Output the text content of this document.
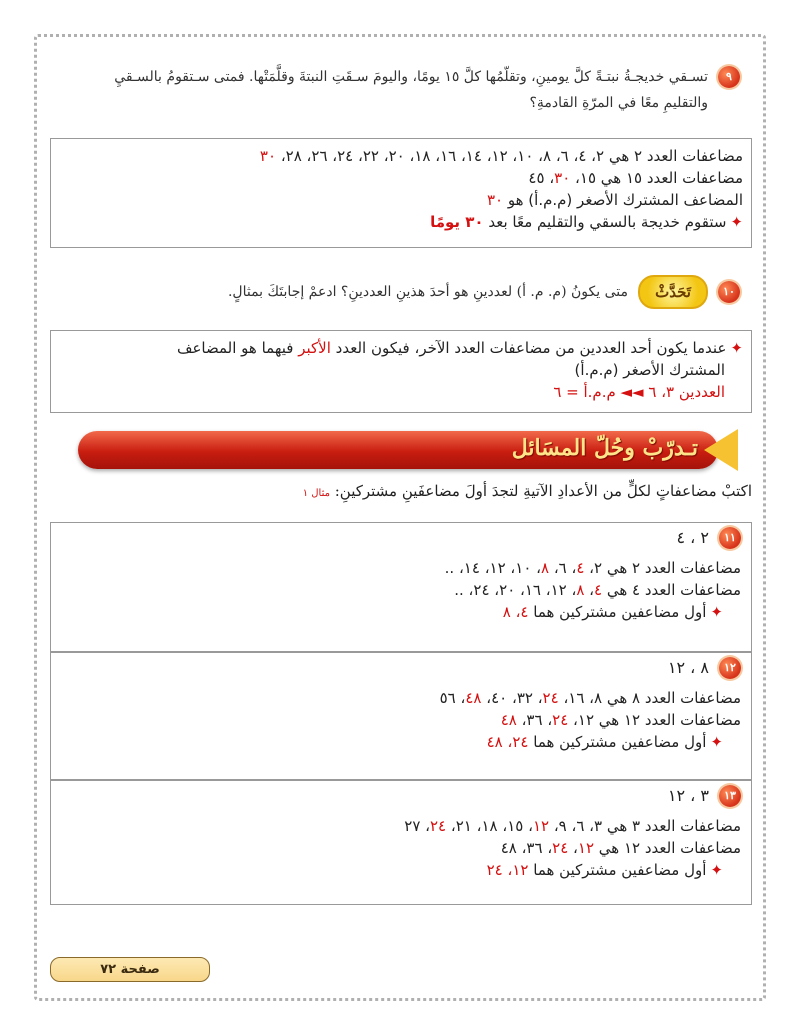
٩
تسـقي خديجـةُ نبتـةً كلَّ يومينِ، وتقلّمُها كلَّ ١٥ يومًا، واليومَ سـقَتِ النبتةَ وقلَّمَتْها. فمتى سـتقومُ بالسـقيِ
والتقليمِ معًا في المرّةِ القادمةِ؟
مضاعفات العدد ٢ هي ٢، ٤، ٦، ٨، ١٠، ١٢، ١٤، ١٦، ١٨، ٢٠، ٢٢، ٢٤، ٢٦، ٢٨، ٣٠
مضاعفات العدد ١٥ هي ١٥، ٣٠، ٤٥
المضاعف المشترك الأصغر (م.م.أ) هو ٣٠
✦ستقوم خديجة بالسقي والتقليم معًا بعد ٣٠ يومًا
١٠
تَحَدَّثْ
متى يكونُ (م. م. أ) لعددينِ هو أحدَ هذينِ العددينِ؟ ادعمْ إجابتَكَ بمثالٍ.
✦عندما يكون أحد العددين من مضاعفات العدد الآخر، فيكون العدد الأكبر فيهما هو المضاعف
المشترك الأصغر (م.م.أ)
العددين ٣، ٦ ◄◄ م.م.أ = ٦
تـدرّبْ وحُلّ المسَائل
اكتبْ مضاعفاتٍ لكلٍّ من الأعدادِ الآتيةِ لتجدَ أولَ مضاعفَينِ مشتركينِ: مثال ١
١١
٢ ، ٤
مضاعفات العدد ٢ هي ٢، ٤، ٦، ٨، ١٠، ١٢، ١٤، ..
مضاعفات العدد ٤ هي ٤، ٨، ١٢، ١٦، ٢٠، ٢٤، ..
✦أول مضاعفين مشتركين هما ٤، ٨
١٢
٨ ، ١٢
مضاعفات العدد ٨ هي ٨، ١٦، ٢٤، ٣٢، ٤٠، ٤٨، ٥٦
مضاعفات العدد ١٢ هي ١٢، ٢٤، ٣٦، ٤٨
✦أول مضاعفين مشتركين هما ٢٤، ٤٨
١٣
٣ ، ١٢
مضاعفات العدد ٣ هي ٣، ٦، ٩، ١٢، ١٥، ١٨، ٢١، ٢٤، ٢٧
مضاعفات العدد ١٢ هي ١٢، ٢٤، ٣٦، ٤٨
✦أول مضاعفين مشتركين هما ١٢، ٢٤
صفحة ٧٢
